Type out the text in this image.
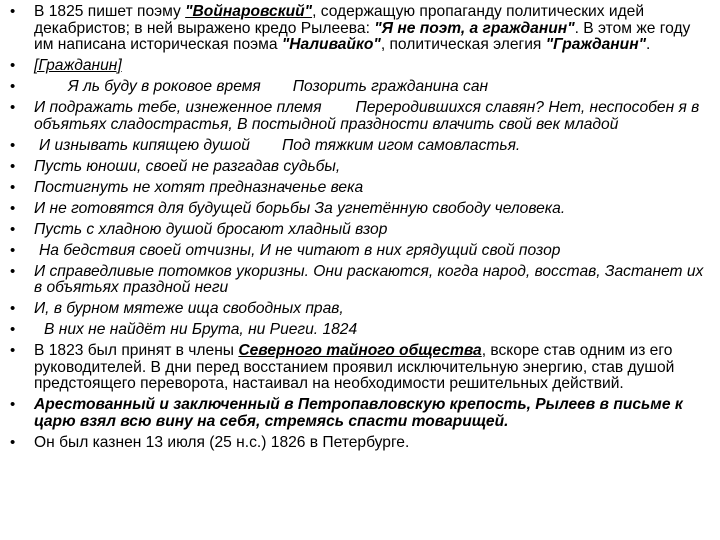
•	В 1825 пишет поэму "Войнаровский", содержащую пропаганду политических идей декабристов; в ней выражено кредо Рылеева: "Я не поэт, а гражданин". В этом же году им написана историческая поэма "Наливайко", политическая элегия "Гражданин".
•	[Гражданин]
•	Я ль буду в роковое время Позорить гражданина сан
•	И подражать тебе, изнеженное племя Переродившихся славян? Нет, неспособен я в объятьях сладострастья, В постыдной праздности влачить свой век младой
•	И изнывать кипящею душой Под тяжким игом самовластья.
•	Пусть юноши, своей не разгадав судьбы,
•	Постигнуть не хотят предназначенье века
•	И не готовятся для будущей борьбы За угнетённую свободу человека.
•	Пусть с хладною душой бросают хладный взор
•	На бедствия своей отчизны, И не читают в них грядущий свой позор
•	И справедливые потомков укоризны. Они раскаются, когда народ, восстав, Застанет их в объятьях праздной неги
•	И, в бурном мятеже ища свободных прав,
•	В них не найдёт ни Брута, ни Риеги. 1824
•	В 1823 был принят в члены Северного тайного общества, вскоре став одним из его руководителей. В дни перед восстанием проявил исключительную энергию, став душой предстоящего переворота, настаивал на необходимости решительных действий.
•	Арестованный и заключенный в Петропавловскую крепость, Рылеев в письме к царю взял всю вину на себя, стремясь спасти товарищей.
•	Он был казнен 13 июля (25 н.с.) 1826 в Петербурге.
